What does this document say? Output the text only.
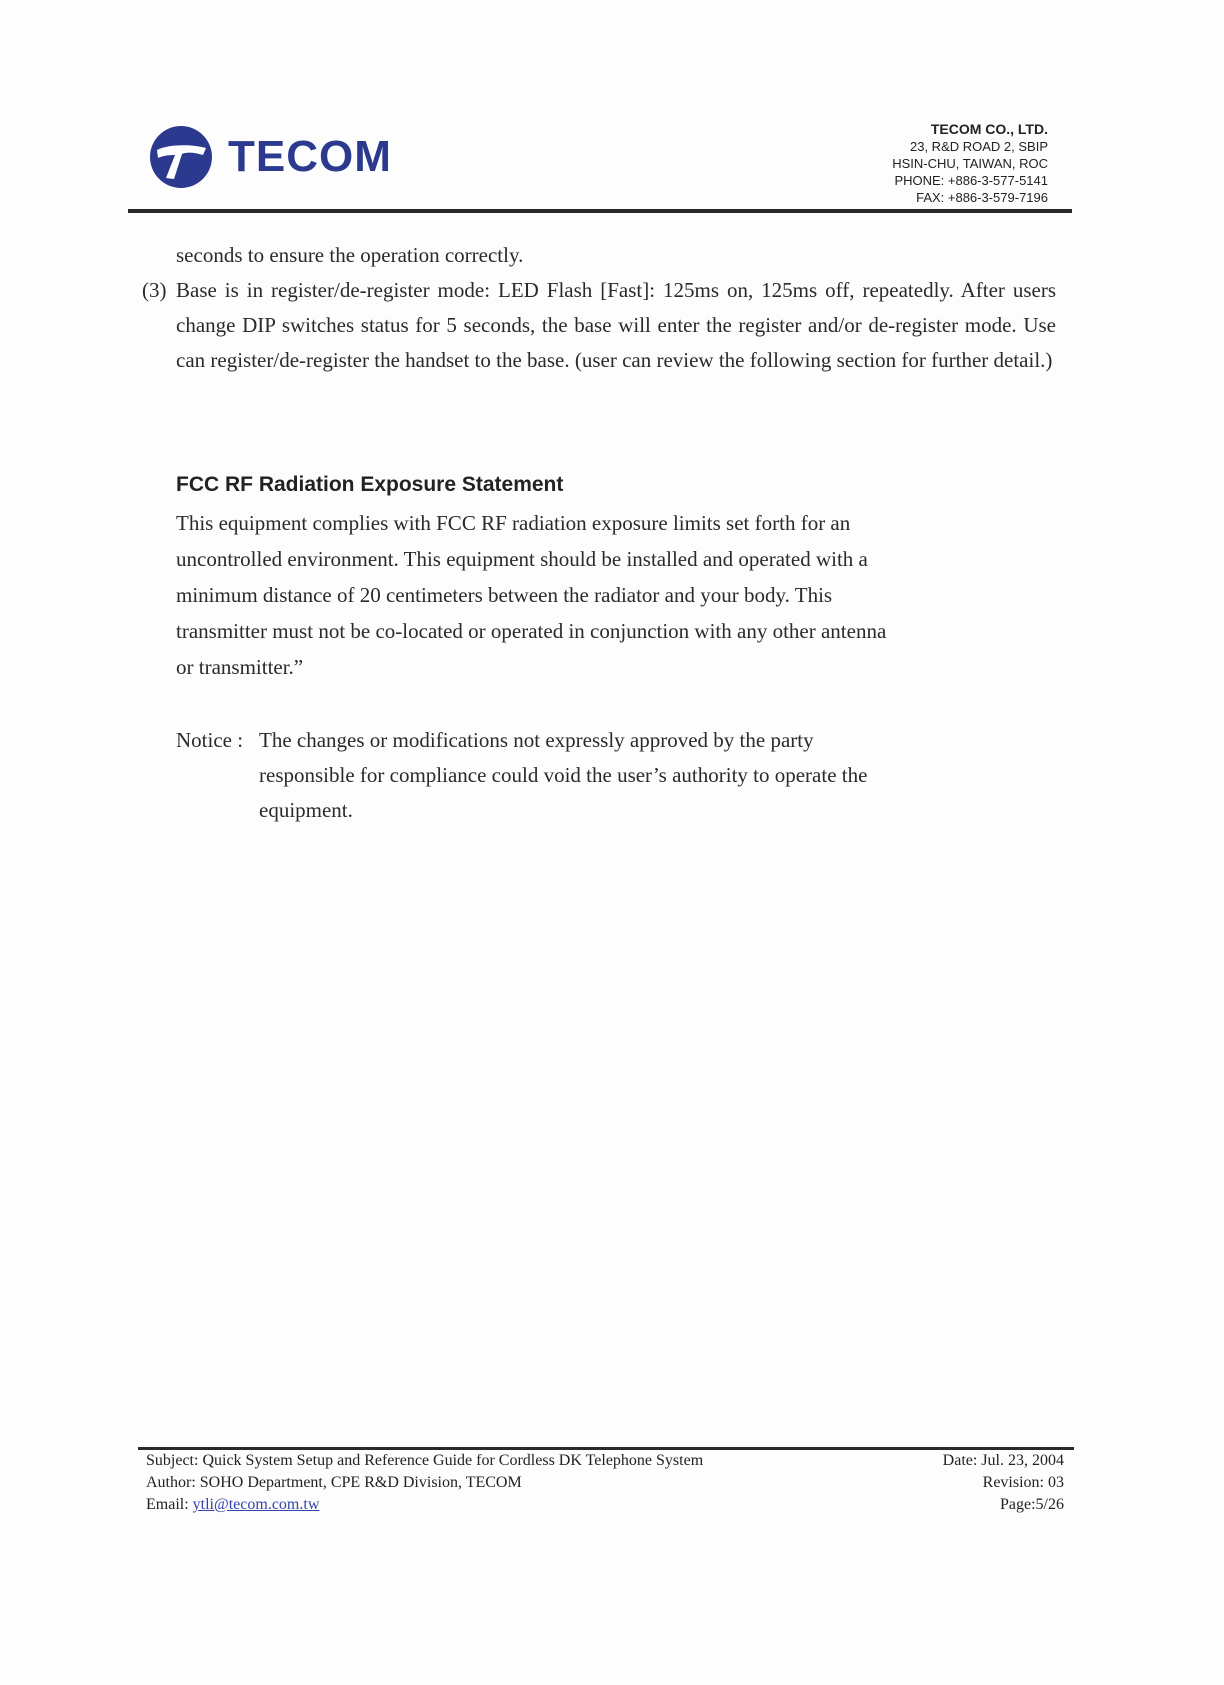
TECOM
TECOM CO., LTD.
23, R&D ROAD 2, SBIP
HSIN-CHU, TAIWAN, ROC
PHONE: +886-3-577-5141
FAX: +886-3-579-7196

seconds to ensure the operation correctly.

(3) Base is in register/de-register mode: LED Flash [Fast]: 125ms on, 125ms off, repeatedly. After users change DIP switches status for 5 seconds, the base will enter the register and/or de-register mode. Use can register/de-register the handset to the base. (user can review the following section for further detail.)

FCC RF Radiation Exposure Statement
This equipment complies with FCC RF radiation exposure limits set forth for an
uncontrolled environment. This equipment should be installed and operated with a
minimum distance of 20 centimeters between the radiator and your body. This
transmitter must not be co-located or operated in conjunction with any other antenna
or transmitter.”
Notice : The changes or modifications not expressly approved by the party
responsible for compliance could void the user’s authority to operate the
equipment.
Subject: Quick System Setup and Reference Guide for Cordless DK Telephone System
Author: SOHO Department, CPE R&D Division, TECOM
Email: ytli@tecom.com.tw
Date: Jul. 23, 2004
Revision: 03
Page:5/26
